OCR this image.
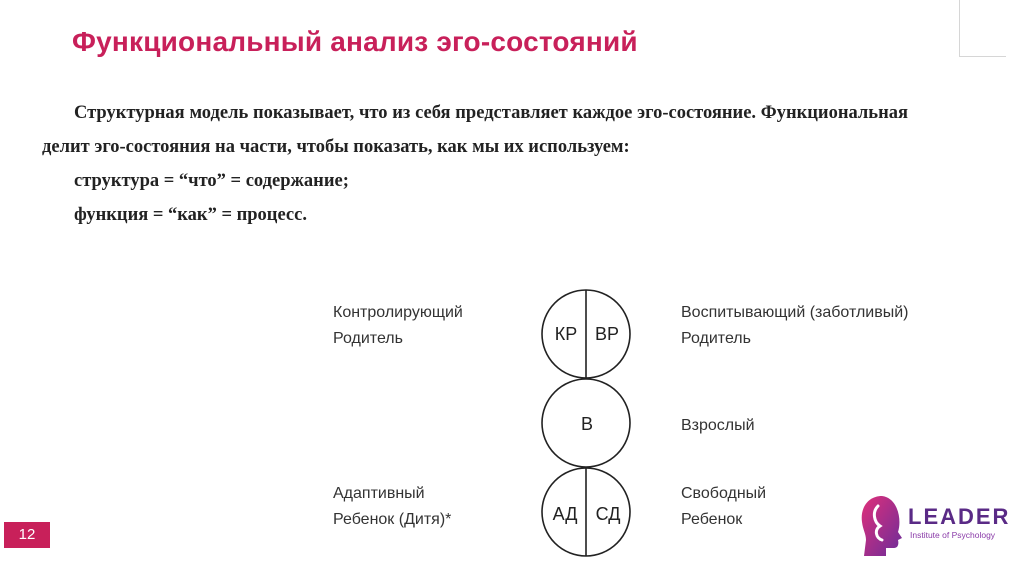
Функциональный анализ эго-состояний

Структурная модель показывает, что из себя представляет каждое эго-состояние. Функциональная делит эго-состояния на части, чтобы показать, как мы их используем:

структура = “что” = содержание;

функция = “как” = процесс.

Контролирующий
Родитель
Адаптивный
Ребенок (Дитя)*
Воспитывающий (заботливый)
Родитель
Взрослый
Свободный
Ребенок
КР ВР
В
АД СД
12
LEADER
Institute of Psychology
